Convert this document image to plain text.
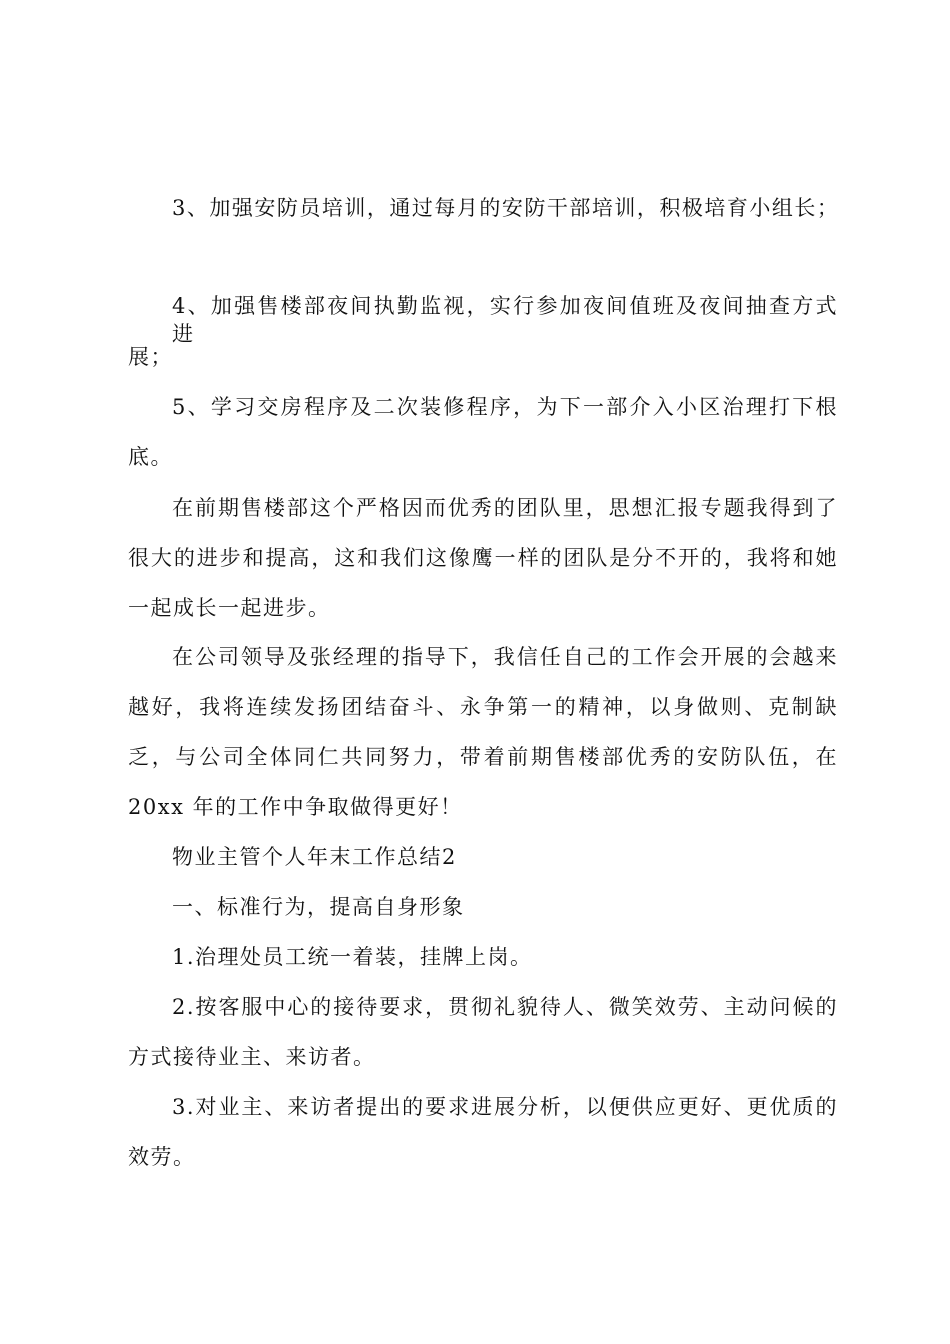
3、加强安防员培训，通过每月的安防干部培训，积极培育小组长；
4、加强售楼部夜间执勤监视，实行参加夜间值班及夜间抽查方式进
展；
5、学习交房程序及二次装修程序，为下一部介入小区治理打下根
底。
在前期售楼部这个严格因而优秀的团队里，思想汇报专题我得到了
很大的进步和提高，这和我们这像鹰一样的团队是分不开的，我将和她
一起成长一起进步。
在公司领导及张经理的指导下，我信任自己的工作会开展的会越来
越好，我将连续发扬团结奋斗、永争第一的精神，以身做则、克制缺
乏，与公司全体同仁共同努力，带着前期售楼部优秀的安防队伍，在
20xx 年的工作中争取做得更好！
物业主管个人年末工作总结2
一、标准行为，提高自身形象
1.治理处员工统一着装，挂牌上岗。
2.按客服中心的接待要求，贯彻礼貌待人、微笑效劳、主动问候的
方式接待业主、来访者。
3.对业主、来访者提出的要求进展分析，以便供应更好、更优质的
效劳。
